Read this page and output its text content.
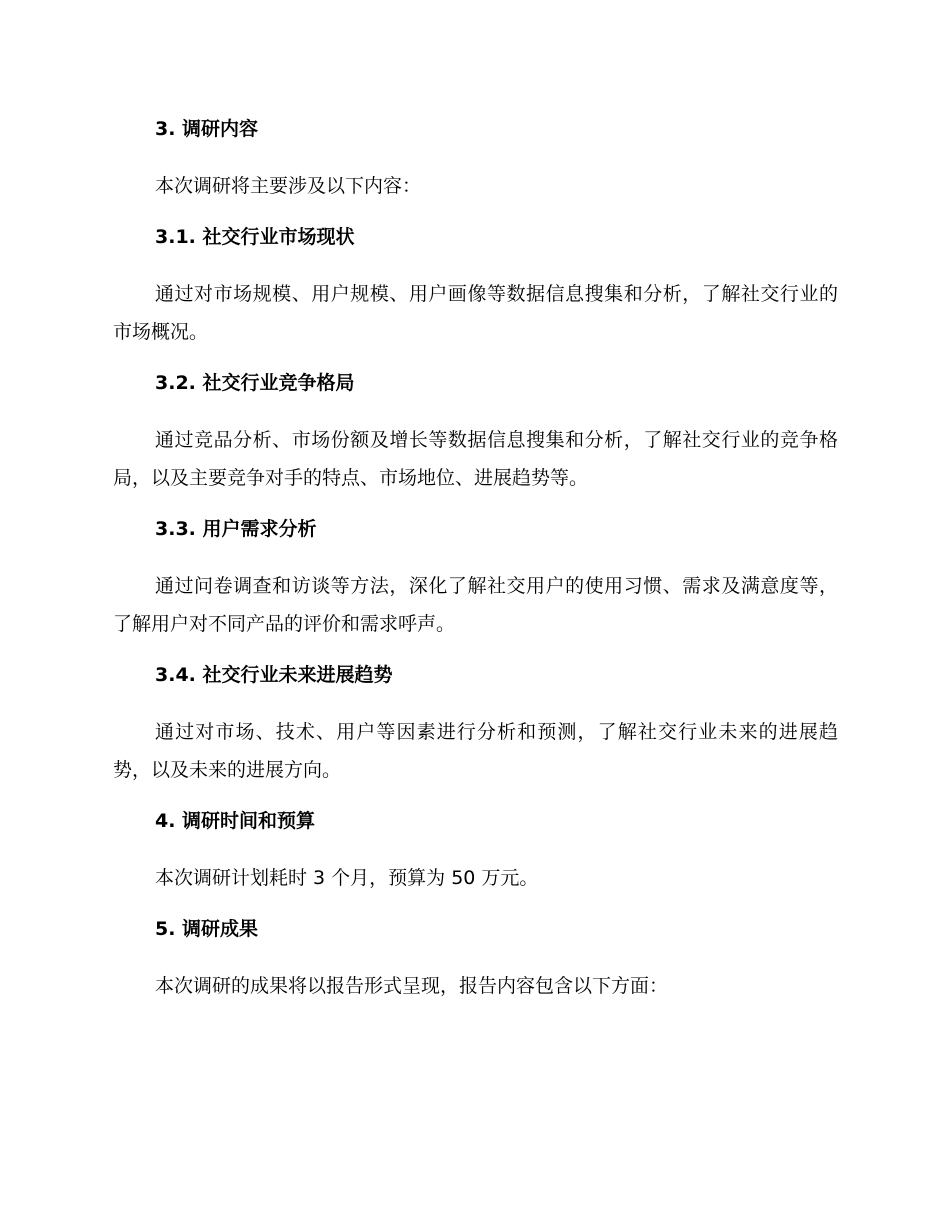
3. 调研内容

本次调研将主要涉及以下内容：

3.1. 社交行业市场现状

通过对市场规模、用户规模、用户画像等数据信息搜集和分析，了解社交行业的市场概况。

3.2. 社交行业竞争格局

通过竞品分析、市场份额及增长等数据信息搜集和分析，了解社交行业的竞争格局，以及主要竞争对手的特点、市场地位、进展趋势等。

3.3. 用户需求分析

通过问卷调查和访谈等方法，深化了解社交用户的使用习惯、需求及满意度等，了解用户对不同产品的评价和需求呼声。

3.4. 社交行业未来进展趋势

通过对市场、技术、用户等因素进行分析和预测，了解社交行业未来的进展趋势，以及未来的进展方向。

4. 调研时间和预算

本次调研计划耗时 3 个月，预算为 50 万元。

5. 调研成果

本次调研的成果将以报告形式呈现，报告内容包含以下方面：
